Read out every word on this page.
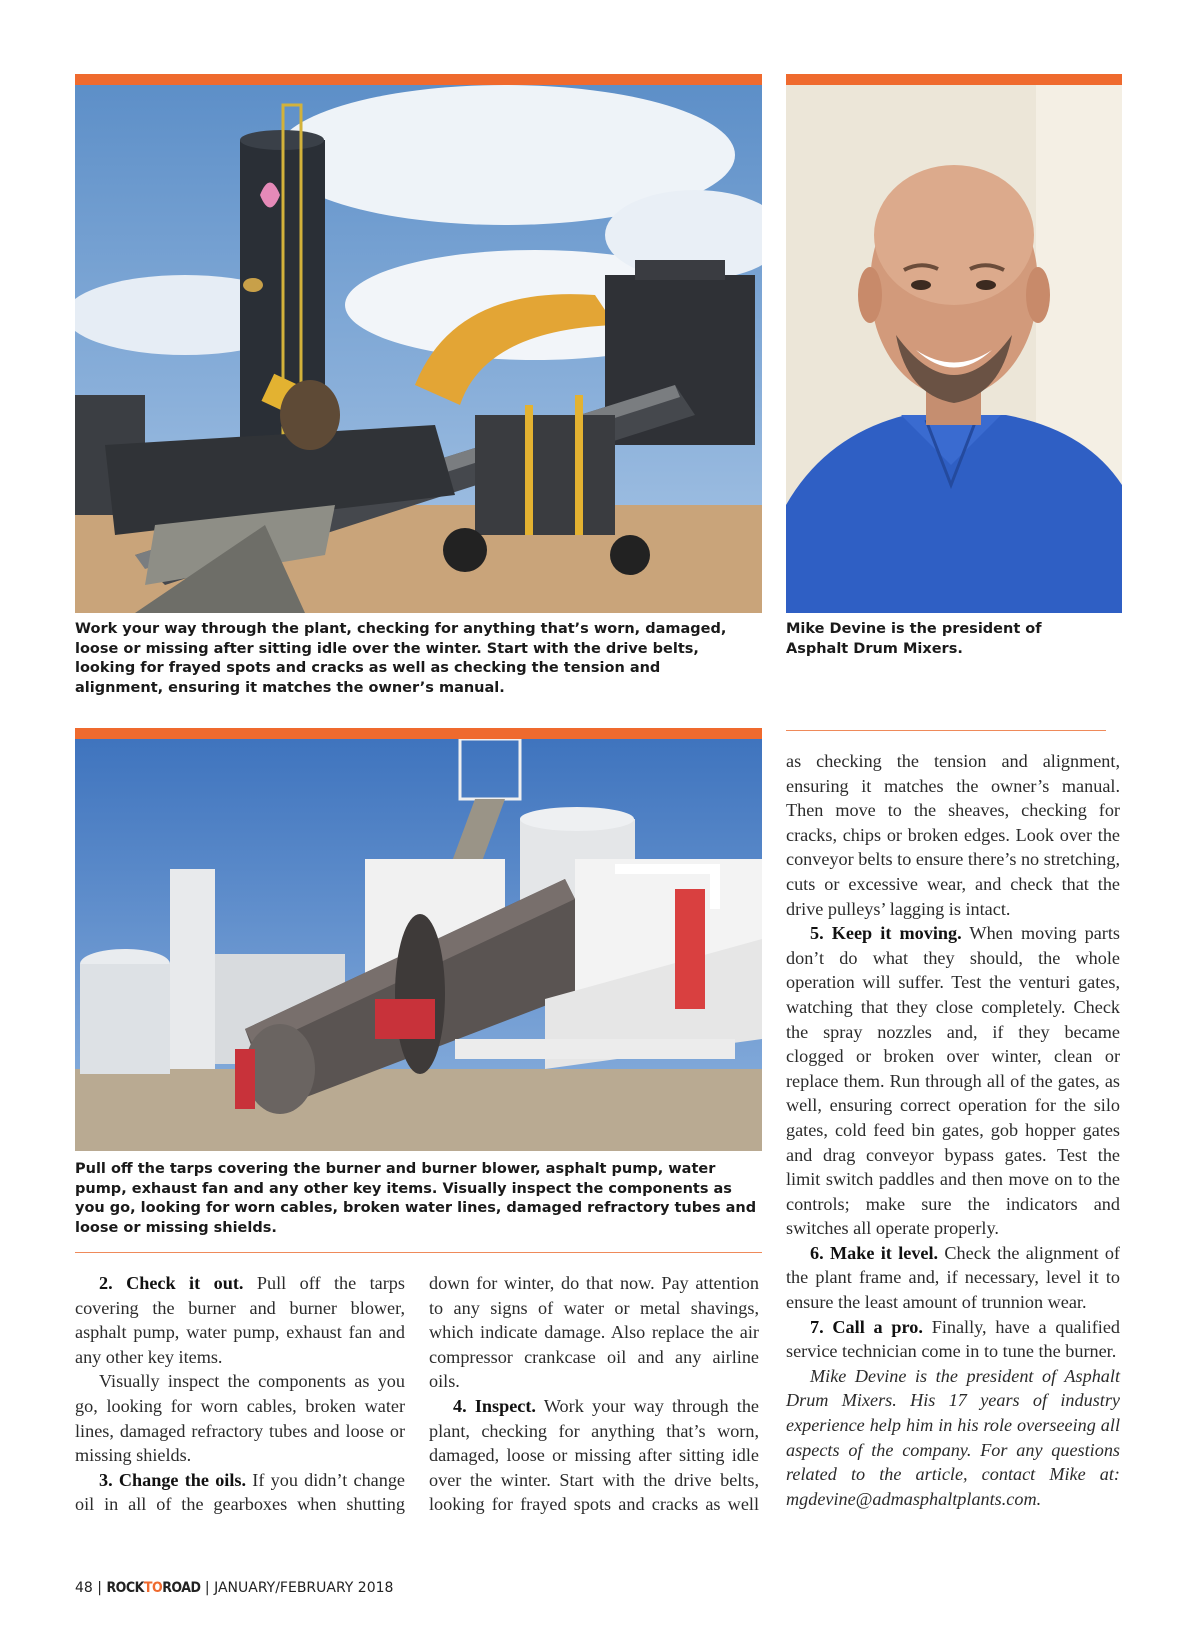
Work your way through the plant, checking for anything that’s worn, damaged, loose or missing after sitting idle over the winter. Start with the drive belts, looking for frayed spots and cracks as well as checking the tension and alignment, ensuring it matches the owner’s manual.

Mike Devine is the president of Asphalt Drum Mixers.

Pull off the tarps covering the burner and burner blower, asphalt pump, water pump, exhaust fan and any other key items. Visually inspect the components as you go, looking for worn cables, broken water lines, damaged refractory tubes and loose or missing shields.

2. Check it out. Pull off the tarps covering the burner and burner blower, asphalt pump, water pump, exhaust fan and any other key items.

Visually inspect the components as you go, looking for worn cables, broken water lines, damaged refractory tubes and loose or missing shields.

3. Change the oils. If you didn’t change oil in all of the gearboxes when shutting

down for winter, do that now. Pay attention to any signs of water or metal shavings, which indicate damage. Also replace the air compressor crankcase oil and any airline oils.

4. Inspect. Work your way through the plant, checking for anything that’s worn, damaged, loose or missing after sitting idle over the winter. Start with the drive belts, looking for frayed spots and cracks as well

as checking the tension and alignment, ensuring it matches the owner’s manual. Then move to the sheaves, checking for cracks, chips or broken edges. Look over the conveyor belts to ensure there’s no stretching, cuts or excessive wear, and check that the drive pulleys’ lagging is intact.

5. Keep it moving. When moving parts don’t do what they should, the whole operation will suffer. Test the venturi gates, watching that they close completely. Check the spray nozzles and, if they became clogged or broken over winter, clean or replace them. Run through all of the gates, as well, ensuring correct operation for the silo gates, cold feed bin gates, gob hopper gates and drag conveyor bypass gates. Test the limit switch paddles and then move on to the controls; make sure the indicators and switches all operate properly.

6. Make it level. Check the alignment of the plant frame and, if necessary, level it to ensure the least amount of trunnion wear.

7. Call a pro. Finally, have a qualified service technician come in to tune the burner.

Mike Devine is the president of Asphalt Drum Mixers. His 17 years of industry experience help him in his role overseeing all aspects of the company. For any questions related to the article, contact Mike at: mgdevine@admasphaltplants.com.

48 | ROCKTOROAD | JANUARY/FEBRUARY 2018
